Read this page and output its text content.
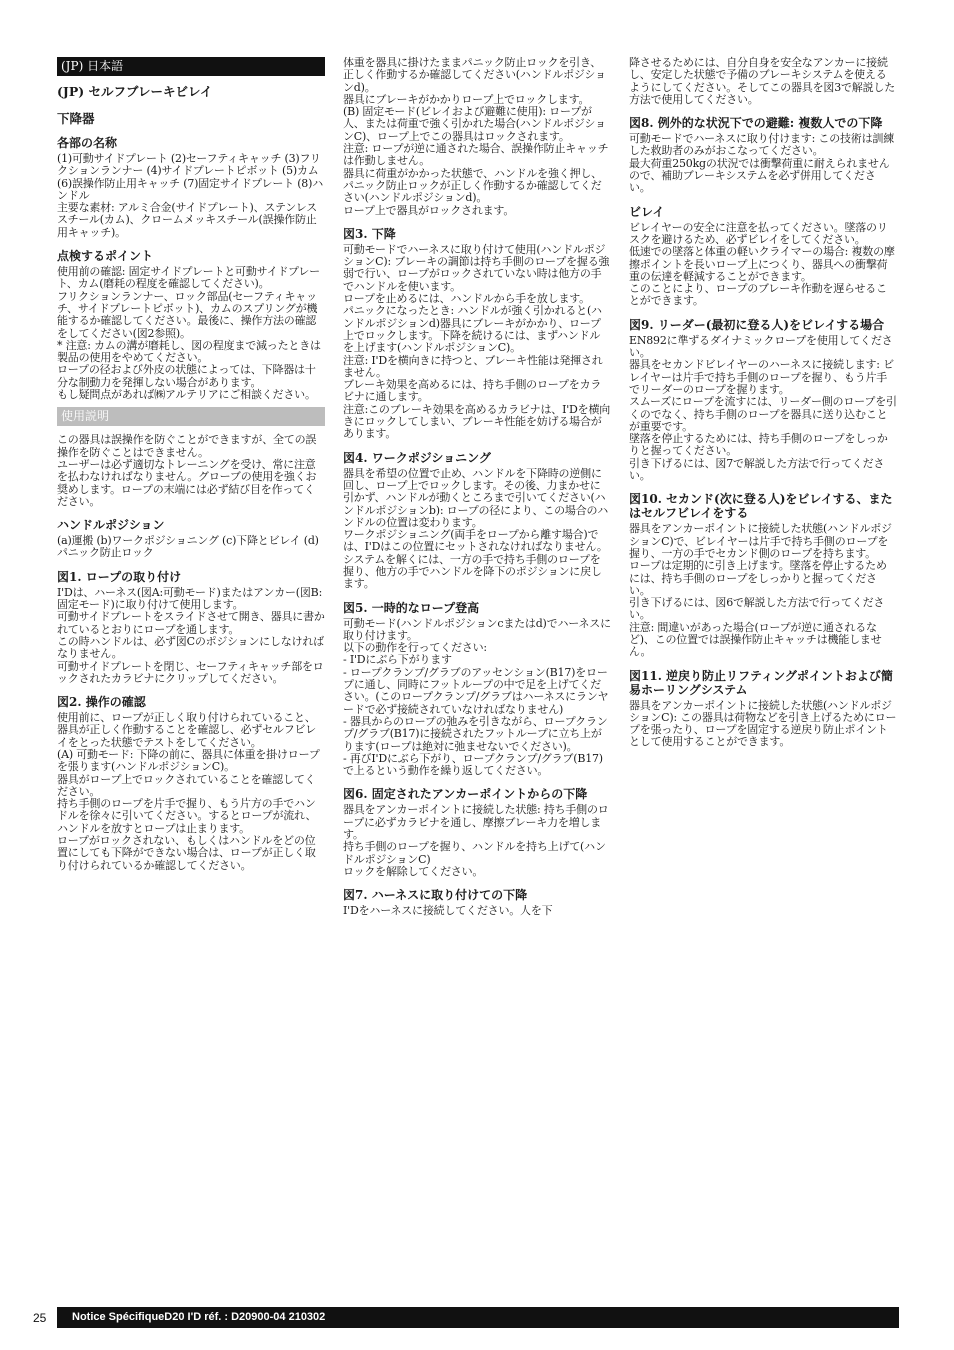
(JP) 日本語
(JP) セルフブレーキビレイ
下降器
各部の名称

(1)可動サイドプレート (2)セーフティキャッチ (3)フリクションランナー (4)サイドプレートピボット (5)カム (6)誤操作防止用キャッチ (7)固定サイドプレート (8)ハンドル

主要な素材: アルミ合金(サイドプレート)、ステンレススチール(カム)、クロームメッキスチール(誤操作防止用キャッチ)。

点検するポイント

使用前の確認: 固定サイドプレートと可動サイドプレート、カム(磨耗の程度を確認してください)。

フリクションランナー、ロック部品(セーフティキャッチ、サイドプレートピボット)、カムのスプリングが機能するか確認してください。最後に、操作方法の確認をしてください(図2参照)。

* 注意: カムの溝が磨耗し、図の程度まで減ったときは製品の使用をやめてください。

ロープの径および外皮の状態によっては、下降器は十分な制動力を発揮しない場合があります。

もし疑問点があれば㈱アルテリアにご相談ください。

使用説明

この器具は誤操作を防ぐことができますが、全ての誤操作を防ぐことはできません。

ユーザーは必ず適切なトレーニングを受け、常に注意を払わなければなりません。グローブの使用を強くお奨めします。ロープの末端には必ず結び目を作ってください。

ハンドルポジション

(a)運搬 (b)ワークポジショニング (c)下降とビレイ (d)パニック防止ロック

図1. ロープの取り付け

I'Dは、ハーネス(図A:可動モード)またはアンカー(図B:固定モード)に取り付けて使用します。

可動サイドプレートをスライドさせて開き、器具に書かれているとおりにロープを通します。

この時ハンドルは、必ず図Cのポジションにしなければなりません。

可動サイドプレートを閉じ、セーフティキャッチ部をロックされたカラビナにクリップしてください。

図2. 操作の確認

使用前に、ロープが正しく取り付けられていること、器具が正しく作動することを確認し、必ずセルフビレイをとった状態でテストをしてください。

(A) 可動モード: 下降の前に、器具に体重を掛けロープを張ります(ハンドルポジションC)。

器具がロープ上でロックされていることを確認してください。

持ち手側のロープを片手で握り、もう片方の手でハンドルを徐々に引いてください。するとロープが流れ、ハンドルを放すとロープは止まります。

ロープがロックされない、もしくはハンドルをどの位置にしても下降ができない場合は、ロープが正しく取り付けられているか確認してください。

体重を器具に掛けたままパニック防止ロックを引き、正しく作動するか確認してください(ハンドルポジションd)。

器具にブレーキがかかりロープ上でロックします。

(B) 固定モード(ビレイおよび避難に使用): ロープが人、または荷重で強く引かれた場合(ハンドルポジションC)、ロープ上でこの器具はロックされます。

注意: ロープが逆に通された場合、誤操作防止キャッチは作動しません。

器具に荷重がかかった状態で、ハンドルを強く押し、パニック防止ロックが正しく作動するか確認してください(ハンドルポジションd)。

ロープ上で器具がロックされます。

図3. 下降

可動モードでハーネスに取り付けて使用(ハンドルポジションC): ブレーキの調節は持ち手側のロープを握る強弱で行い、ロープがロックされていない時は他方の手でハンドルを使います。

ロープを止めるには、ハンドルから手を放します。

パニックになったとき: ハンドルが強く引かれると(ハンドルポジションd)器具にブレーキがかかり、ロープ上でロックします。下降を続けるには、まずハンドルを上げます(ハンドルポジションC)。

注意: I'Dを横向きに持つと、ブレーキ性能は発揮されません。

ブレーキ効果を高めるには、持ち手側のロープをカラビナに通します。

注意:このブレーキ効果を高めるカラビナは、I'Dを横向きにロックしてしまい、ブレーキ性能を妨げる場合があります。

図4. ワークポジショニング

器具を希望の位置で止め、ハンドルを下降時の逆側に回し、ロープ上でロックします。その後、力まかせに引かず、ハンドルが動くところまで引いてください(ハンドルポジションb): ロープの径により、この場合のハンドルの位置は変わります。

ワークポジショニング(両手をロープから離す場合)では、I'Dはこの位置にセットされなければなりません。

システムを解くには、一方の手で持ち手側のロープを握り、他方の手でハンドルを降下のポジションに戻します。

図5. 一時的なロープ登高

可動モード(ハンドルポジションcまたはd)でハーネスに取り付けます。

以下の動作を行ってください:

- I'Dにぶら下がります

- ロープクランプ/グラブのアッセンション(B17)をロープに通し、同時にフットループの中で足を上げてください。(このロープクランプ/グラブはハーネスにランヤードで必ず接続されていなければなりません)

- 器具からのロープの弛みを引きながら、ロープクランプ/グラブ(B17)に接続されたフットループに立ち上がります(ロープは絶対に弛ませないでください)。

- 再びI'Dにぶら下がり、ロープクランプ/グラブ(B17)で上るという動作を繰り返してください。

図6. 固定されたアンカーポイントからの下降

器具をアンカーポイントに接続した状態: 持ち手側のロープに必ずカラビナを通し、摩擦ブレーキ力を増します。

持ち手側のロープを握り、ハンドルを持ち上げて(ハンドルポジションC)

ロックを解除してください。

図7. ハーネスに取り付けての下降

I'Dをハーネスに接続してください。人を下

降させるためには、自分自身を安全なアンカーに接続し、安定した状態で予備のブレーキシステムを使えるようにしてください。そしてこの器具を図3で解説した方法で使用してください。

図8. 例外的な状況下での避難: 複数人での下降

可動モードでハーネスに取り付けます: この技術は訓練した救助者のみがおこなってください。

最大荷重250kgの状況では衝撃荷重に耐えられませんので、補助ブレーキシステムを必ず併用してください。

ビレイ

ビレイヤーの安全に注意を払ってください。墜落のリスクを避けるため、必ずビレイをしてください。

低速での墜落と体重の軽いクライマーの場合: 複数の摩擦ポイントを長いロープ上につくり、器具への衝撃荷重の伝達を軽減することができます。

このことにより、ロープのブレーキ作動を遅らせることができます。

図9. リーダー(最初に登る人)をビレイする場合

EN892に準ずるダイナミックロープを使用してください。

器具をセカンドビレイヤーのハーネスに接続します: ビレイヤーは片手で持ち手側のロープを握り、もう片手でリーダーのロープを握ります。

スムーズにロープを流すには、リーダー側のロープを引くのでなく、持ち手側のロープを器具に送り込むことが重要です。

墜落を停止するためには、持ち手側のロープをしっかりと握ってください。

引き下げるには、図7で解説した方法で行ってください。

図10. セカンド(次に登る人)をビレイする、またはセルフビレイをする

器具をアンカーポイントに接続した状態(ハンドルポジションC)で、ビレイヤーは片手で持ち手側のロープを握り、一方の手でセカンド側のロープを持ちます。

ロープは定期的に引き上げます。墜落を停止するためには、持ち手側のロープをしっかりと握ってください。

引き下げるには、図6で解説した方法で行ってください。

注意: 間違いがあった場合(ロープが逆に通されるなど)、この位置では誤操作防止キャッチは機能しません。

図11. 逆戻り防止リフティングポイントおよび簡易ホーリングシステム

器具をアンカーポイントに接続した状態(ハンドルポジションC): この器具は荷物などを引き上げるためにロープを張ったり、ロープを固定する逆戻り防止ポイントとして使用することができます。

25	Notice SpécifiqueD20 I'D réf. : D20900-04 210302
